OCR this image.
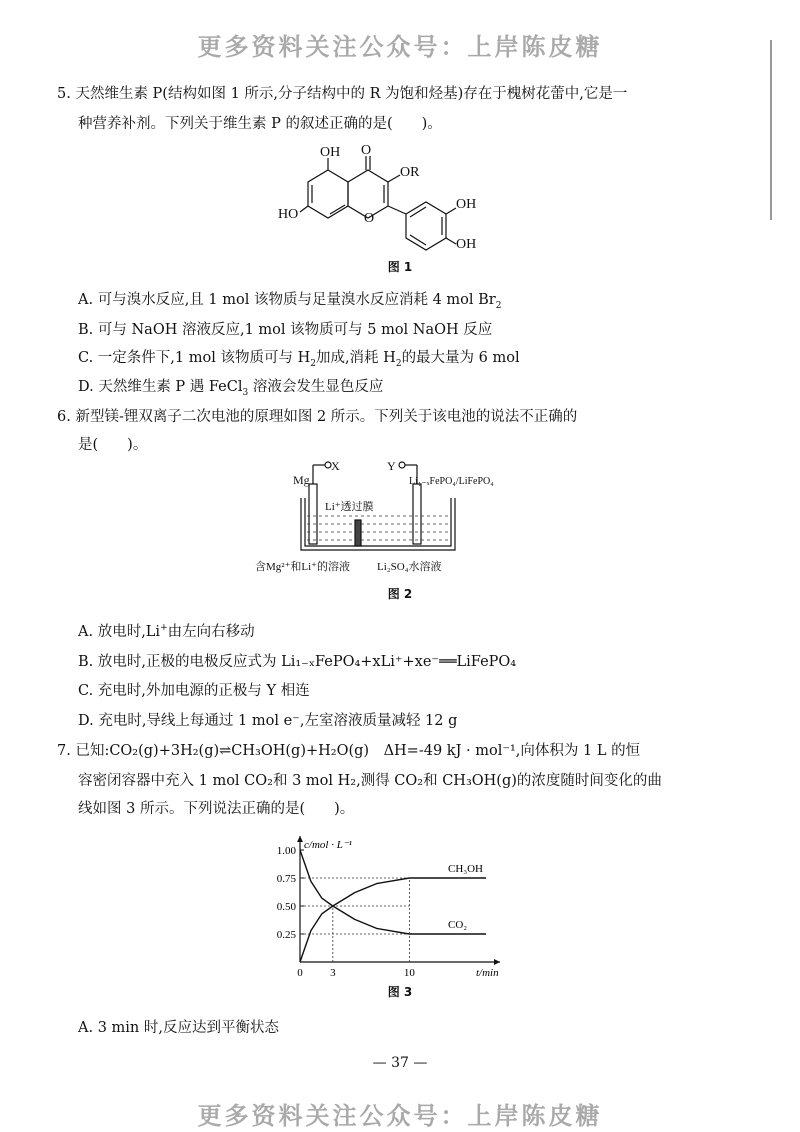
更多资料关注公众号：上岸陈皮糖
5. 天然维生素 P(结构如图 1 所示,分子结构中的 R 为饱和烃基)存在于槐树花蕾中,它是一
种营养补剂。下列关于维生素 P 的叙述正确的是(　　)。
OH O
OR
HO	O
OH
OH
图 1
A. 可与溴水反应,且 1 mol 该物质与足量溴水反应消耗 4 mol $Br_2$
B. 可与 NaOH 溶液反应,1 mol 该物质可与 5 mol NaOH 反应
C. 一定条件下,1 mol 该物质可与 $H_2$加成,消耗 $H_2$的最大量为 6 mol
D. 天然维生素 P 遇 FeCl$_3$ 溶液会发生显色反应
6. 新型镁-锂双离子二次电池的原理如图 2 所示。下列关于该电池的说法不正确的
是(　　)。
X	Y
Mg	Li₁₋ₓFePO₄/LiFePO₄
Li⁺透过膜
含Mg²⁺和Li⁺的溶液 Li₂SO₄水溶液
图 2
A. 放电时,Li+由左向右移动
B. 放电时,正极的电极反应式为 Li₁₋ₓFePO₄+xLi⁺+xe⁻══LiFePO₄
C. 充电时,外加电源的正极与 Y 相连
D. 充电时,导线上每通过 1 mol e⁻,左室溶液质量减轻 12 g
7. 已知:CO₂(g)+3H₂(g)⇌CH₃OH(g)+H₂O(g)　ΔH=-49 kJ · mol⁻¹,向体积为 1 L 的恒
容密闭容器中充入 1 mol CO₂和 3 mol H₂,测得 CO₂和 CH₃OH(g)的浓度随时间变化的曲
线如图 3 所示。下列说法正确的是(　　)。
0.25
0.50
0.75
1.00
0 3	10
c/mol · L⁻¹
t/min
CH₃OH
CO₂
图 3
A. 3 min 时,反应达到平衡状态
— 37 —
更多资料关注公众号：上岸陈皮糖
